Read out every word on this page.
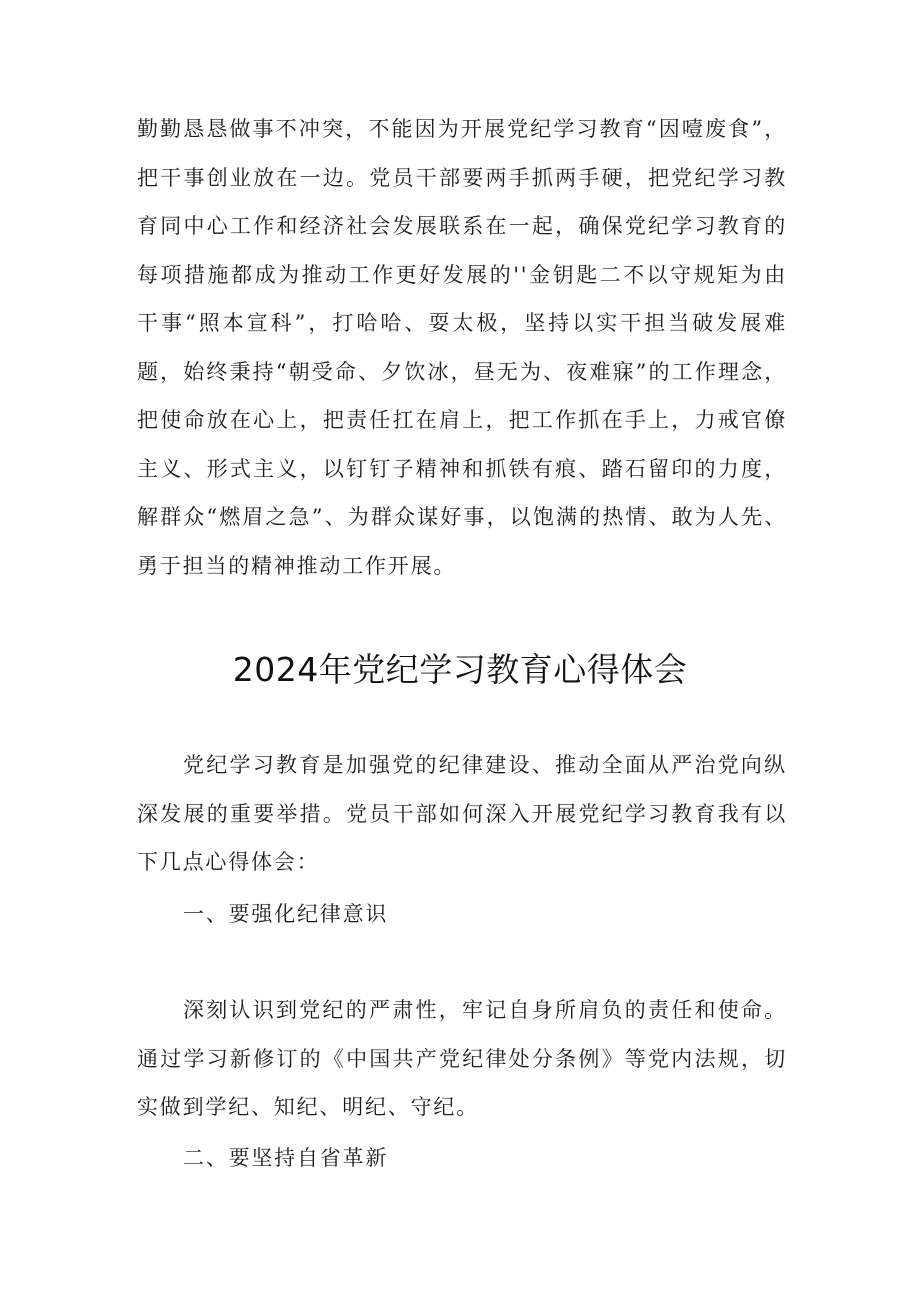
勤勤恳恳做事不冲突，不能因为开展党纪学习教育“因噎废食”，把干事创业放在一边。党员干部要两手抓两手硬，把党纪学习教育同中心工作和经济社会发展联系在一起，确保党纪学习教育的每项措施都成为推动工作更好发展的''金钥匙二不以守规矩为由干事“照本宣科”，打哈哈、耍太极，坚持以实干担当破发展难题，始终秉持“朝受命、夕饮冰，昼无为、夜难寐”的工作理念，把使命放在心上，把责任扛在肩上，把工作抓在手上，力戒官僚主义、形式主义，以钉钉子精神和抓铁有痕、踏石留印的力度，解群众“燃眉之急”、为群众谋好事，以饱满的热情、敢为人先、勇于担当的精神推动工作开展。

2024年党纪学习教育心得体会

党纪学习教育是加强党的纪律建设、推动全面从严治党向纵深发展的重要举措。党员干部如何深入开展党纪学习教育我有以下几点心得体会：

一、要强化纪律意识

深刻认识到党纪的严肃性，牢记自身所肩负的责任和使命。通过学习新修订的《中国共产党纪律处分条例》等党内法规，切实做到学纪、知纪、明纪、守纪。

二、要坚持自省革新
